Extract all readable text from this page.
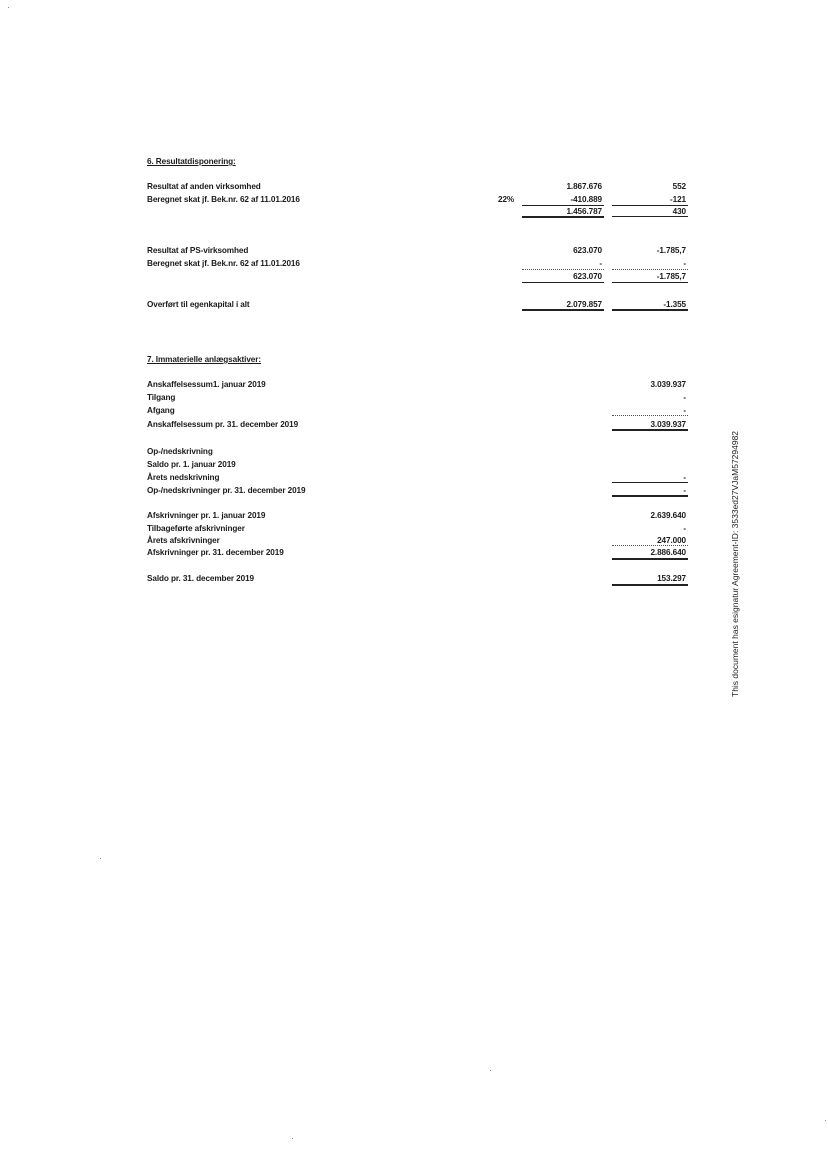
6. Resultatdisponering:
Resultat af anden virksomhed	1.867.676	552
Beregnet skat jf. Bek.nr. 62 af 11.01.2016	22%	-410.889	-121
1.456.787	430
Resultat af PS-virksomhed	623.070	-1.785,7
Beregnet skat jf. Bek.nr. 62 af 11.01.2016	-	-
623.070	-1.785,7
Overført til egenkapital i alt	2.079.857	-1.355
7. Immaterielle anlægsaktiver:
Anskaffelsessum1. januar 2019	3.039.937
Tilgang	-
Afgang	-
Anskaffelsessum pr. 31. december 2019	3.039.937
Op-/nedskrivning
Saldo pr. 1. januar 2019
Årets nedskrivning	-
Op-/nedskrivninger pr. 31. december 2019	-
Afskrivninger pr. 1. januar 2019	2.639.640
Tilbageførte afskrivninger	-
Årets afskrivninger	247.000
Afskrivninger pr. 31. december 2019	2.886.640
Saldo pr. 31. december 2019	153.297	This document has esignatur Agreement-ID: 3533ed27VJaM57294982
